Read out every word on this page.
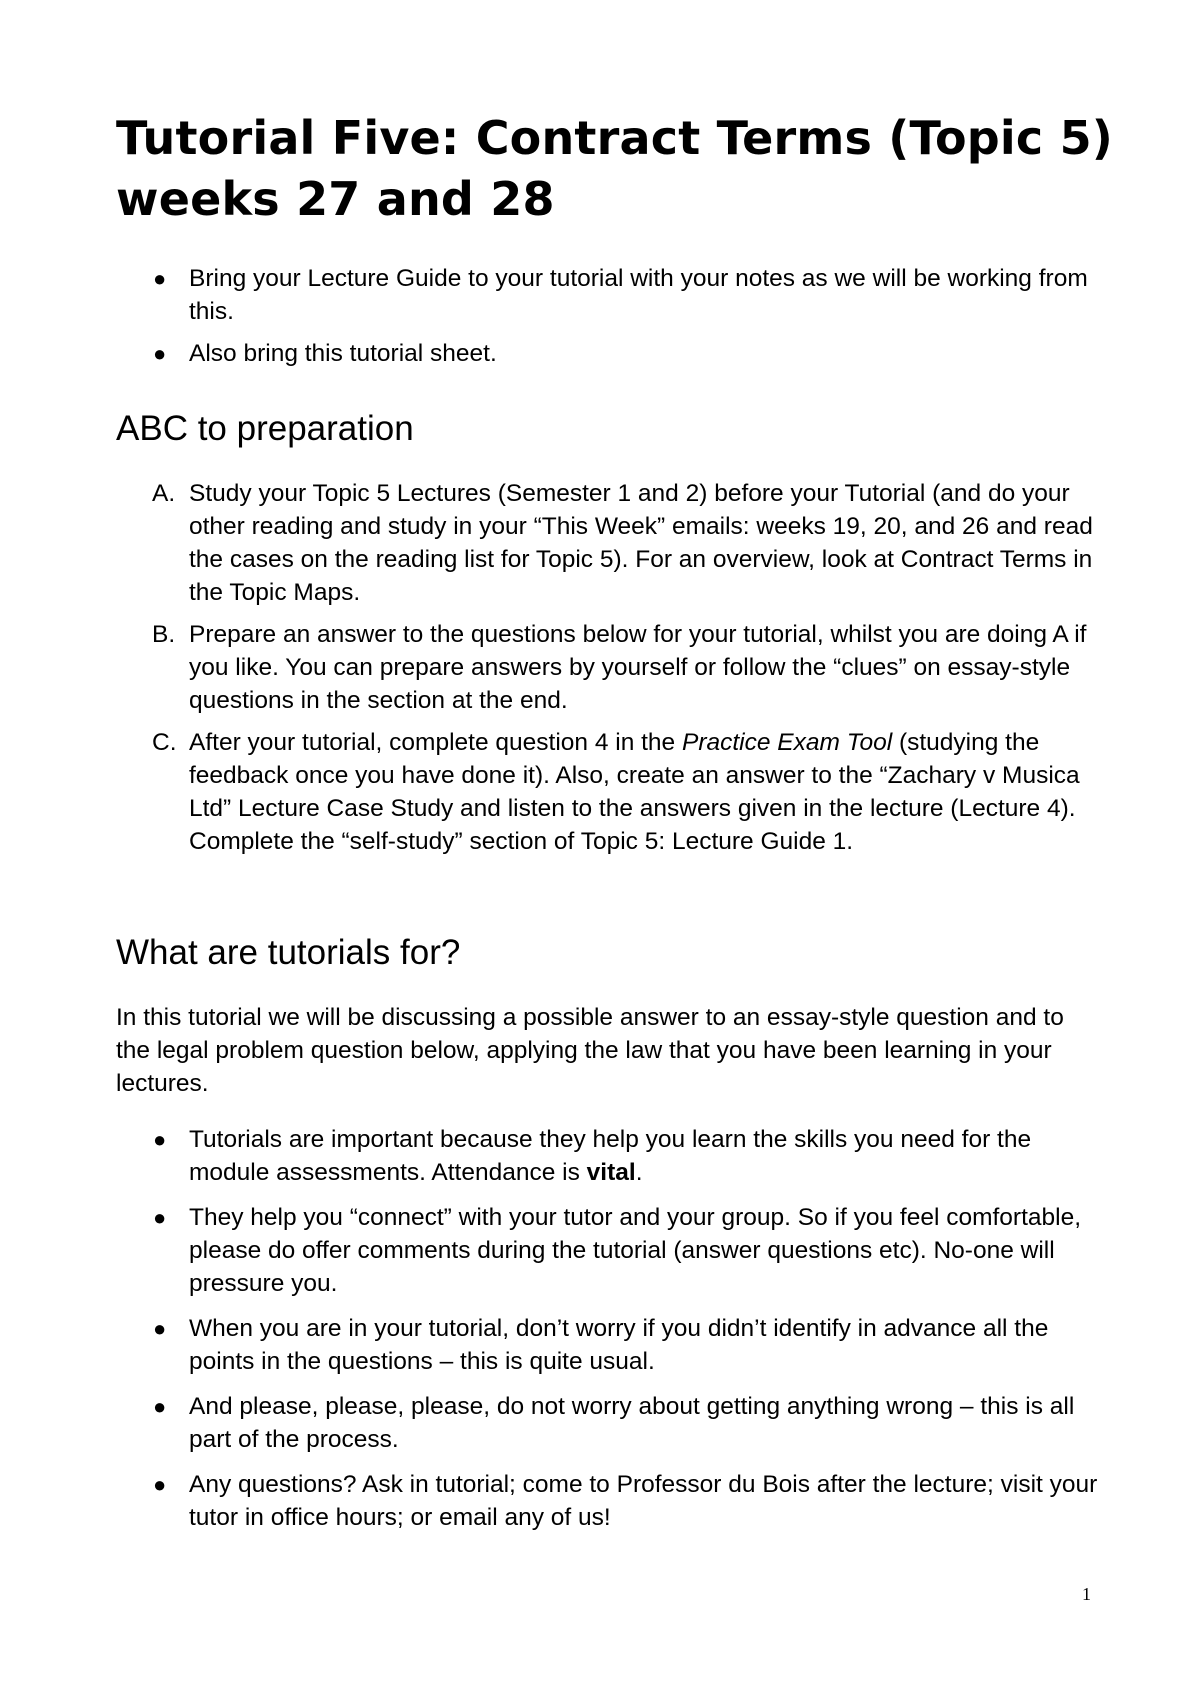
Tutorial Five: Contract Terms (Topic 5) weeks 27 and 28
● Bring your Lecture Guide to your tutorial with your notes as we will be working from this.
● Also bring this tutorial sheet.
ABC to preparation
A. Study your Topic 5 Lectures (Semester 1 and 2) before your Tutorial (and do your other reading and study in your “This Week” emails: weeks 19, 20, and 26 and read the cases on the reading list for Topic 5). For an overview, look at Contract Terms in the Topic Maps.
B. Prepare an answer to the questions below for your tutorial, whilst you are doing A if you like. You can prepare answers by yourself or follow the “clues” on essay-style questions in the section at the end.
C. After your tutorial, complete question 4 in the Practice Exam Tool (studying the feedback once you have done it). Also, create an answer to the “Zachary v Musica Ltd” Lecture Case Study and listen to the answers given in the lecture (Lecture 4). Complete the “self-study” section of Topic 5: Lecture Guide 1.
What are tutorials for?

In this tutorial we will be discussing a possible answer to an essay-style question and to the legal problem question below, applying the law that you have been learning in your lectures.

● Tutorials are important because they help you learn the skills you need for the module assessments. Attendance is vital.
● They help you “connect” with your tutor and your group. So if you feel comfortable, please do offer comments during the tutorial (answer questions etc). No-one will pressure you.
● When you are in your tutorial, don’t worry if you didn’t identify in advance all the points in the questions – this is quite usual.
● And please, please, please, do not worry about getting anything wrong – this is all part of the process.
● Any questions? Ask in tutorial; come to Professor du Bois after the lecture; visit your tutor in office hours; or email any of us!
1
